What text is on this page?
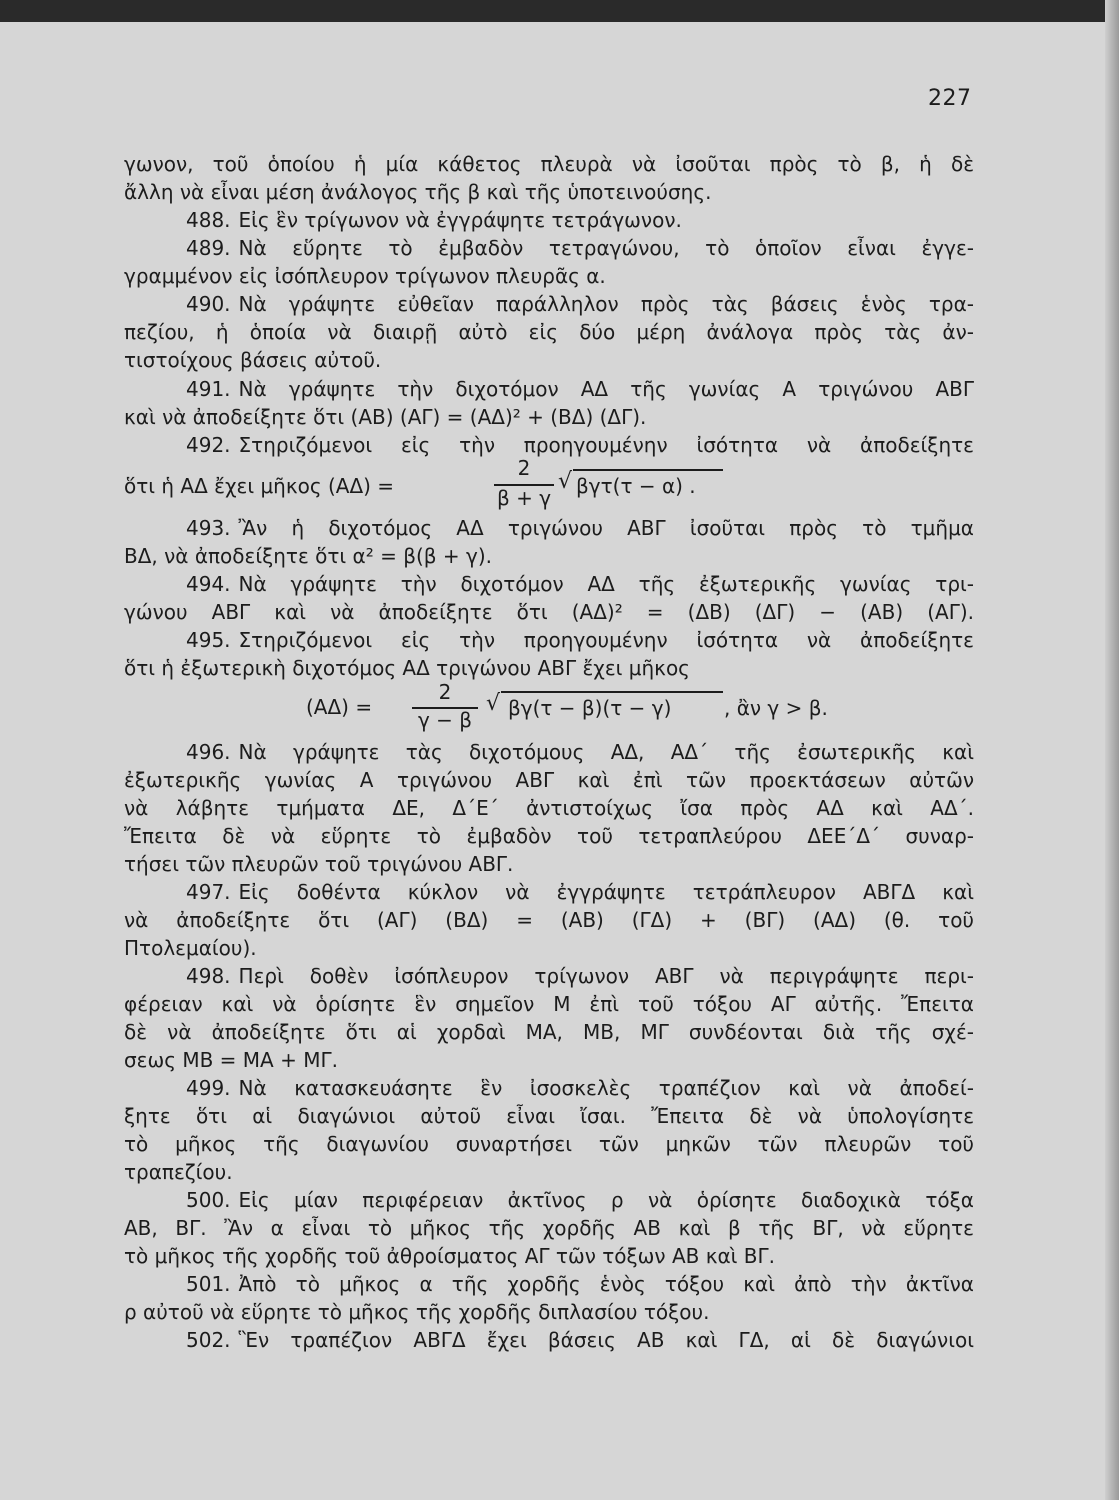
227
γωνον, τοῦ ὁποίου ἡ μία κάθετος πλευρὰ νὰ ἰσοῦται πρὸς τὸ β, ἡ δὲ
ἄλλη νὰ εἶναι μέση ἀνάλογος τῆς β καὶ τῆς ὑποτεινούσης.
488. Εἰς ἓν τρίγωνον νὰ ἐγγράψητε τετράγωνον.
489. Νὰ εὕρητε τὸ ἐμβαδὸν τετραγώνου, τὸ ὁποῖον εἶναι ἐγγε-
γραμμένον εἰς ἰσόπλευρον τρίγωνον πλευρᾶς α.
490. Νὰ γράψητε εὐθεῖαν παράλληλον πρὸς τὰς βάσεις ἑνὸς τρα-
πεζίου, ἡ ὁποία νὰ διαιρῇ αὐτὸ εἰς δύο μέρη ἀνάλογα πρὸς τὰς ἀν-
τιστοίχους βάσεις αὐτοῦ.
491. Νὰ γράψητε τὴν διχοτόμον ΑΔ τῆς γωνίας Α τριγώνου ΑΒΓ
καὶ νὰ ἀποδείξητε ὅτι (ΑΒ) (ΑΓ) = (ΑΔ)² + (ΒΔ) (ΔΓ).
492. Στηριζόμενοι εἰς τὴν προηγουμένην ἰσότητα νὰ ἀποδείξητε
ὅτι ἡ ΑΔ ἔχει μῆκος (ΑΔ) =
2
β + γ
√ βγτ(τ − α) .
493. Ἂν ἡ διχοτόμος ΑΔ τριγώνου ΑΒΓ ἰσοῦται πρὸς τὸ τμῆμα
ΒΔ, νὰ ἀποδείξητε ὅτι α² = β(β + γ).
494. Νὰ γράψητε τὴν διχοτόμον ΑΔ τῆς ἐξωτερικῆς γωνίας τρι-
γώνου ΑΒΓ καὶ νὰ ἀποδείξητε ὅτι (ΑΔ)² = (ΔΒ) (ΔΓ) − (ΑΒ) (ΑΓ).
495. Στηριζόμενοι εἰς τὴν προηγουμένην ἰσότητα νὰ ἀποδείξητε
ὅτι ἡ ἐξωτερικὴ διχοτόμος ΑΔ τριγώνου ΑΒΓ ἔχει μῆκος
(ΑΔ) =
2
γ − β
√ βγ(τ − β)(τ − γ)	, ἂν γ > β.
496. Νὰ γράψητε τὰς διχοτόμους ΑΔ, ΑΔ΄ τῆς ἐσωτερικῆς καὶ
ἐξωτερικῆς γωνίας Α τριγώνου ΑΒΓ καὶ ἐπὶ τῶν προεκτάσεων αὐτῶν
νὰ λάβητε τμήματα ΔΕ, Δ΄Ε΄ ἀντιστοίχως ἴσα πρὸς ΑΔ καὶ ΑΔ΄.
Ἔπειτα δὲ νὰ εὕρητε τὸ ἐμβαδὸν τοῦ τετραπλεύρου ΔΕΕ΄Δ΄ συναρ-
τήσει τῶν πλευρῶν τοῦ τριγώνου ΑΒΓ.
497. Εἰς δοθέντα κύκλον νὰ ἐγγράψητε τετράπλευρον ΑΒΓΔ καὶ
νὰ ἀποδείξητε ὅτι (ΑΓ) (ΒΔ) = (ΑΒ) (ΓΔ) + (ΒΓ) (ΑΔ) (θ. τοῦ
Πτολεμαίου).
498. Περὶ δοθὲν ἰσόπλευρον τρίγωνον ΑΒΓ νὰ περιγράψητε περι-
φέρειαν καὶ νὰ ὁρίσητε ἓν σημεῖον Μ ἐπὶ τοῦ τόξου ΑΓ αὐτῆς. Ἔπειτα
δὲ νὰ ἀποδείξητε ὅτι αἱ χορδαὶ ΜΑ, ΜΒ, ΜΓ συνδέονται διὰ τῆς σχέ-
σεως ΜΒ = ΜΑ + ΜΓ.
499. Νὰ κατασκευάσητε ἓν ἰσοσκελὲς τραπέζιον καὶ νὰ ἀποδεί-
ξητε ὅτι αἱ διαγώνιοι αὐτοῦ εἶναι ἴσαι. Ἔπειτα δὲ νὰ ὑπολογίσητε
τὸ μῆκος τῆς διαγωνίου συναρτήσει τῶν μηκῶν τῶν πλευρῶν τοῦ
τραπεζίου.
500. Εἰς μίαν περιφέρειαν ἀκτῖνος ρ νὰ ὁρίσητε διαδοχικὰ τόξα
ΑΒ, ΒΓ. Ἂν α εἶναι τὸ μῆκος τῆς χορδῆς ΑΒ καὶ β τῆς ΒΓ, νὰ εὕρητε
τὸ μῆκος τῆς χορδῆς τοῦ ἀθροίσματος ΑΓ τῶν τόξων ΑΒ καὶ ΒΓ.
501. Ἀπὸ τὸ μῆκος α τῆς χορδῆς ἑνὸς τόξου καὶ ἀπὸ τὴν ἀκτῖνα
ρ αὐτοῦ νὰ εὕρητε τὸ μῆκος τῆς χορδῆς διπλασίου τόξου.
502. Ἓν τραπέζιον ΑΒΓΔ ἔχει βάσεις ΑΒ καὶ ΓΔ, αἱ δὲ διαγώνιοι
